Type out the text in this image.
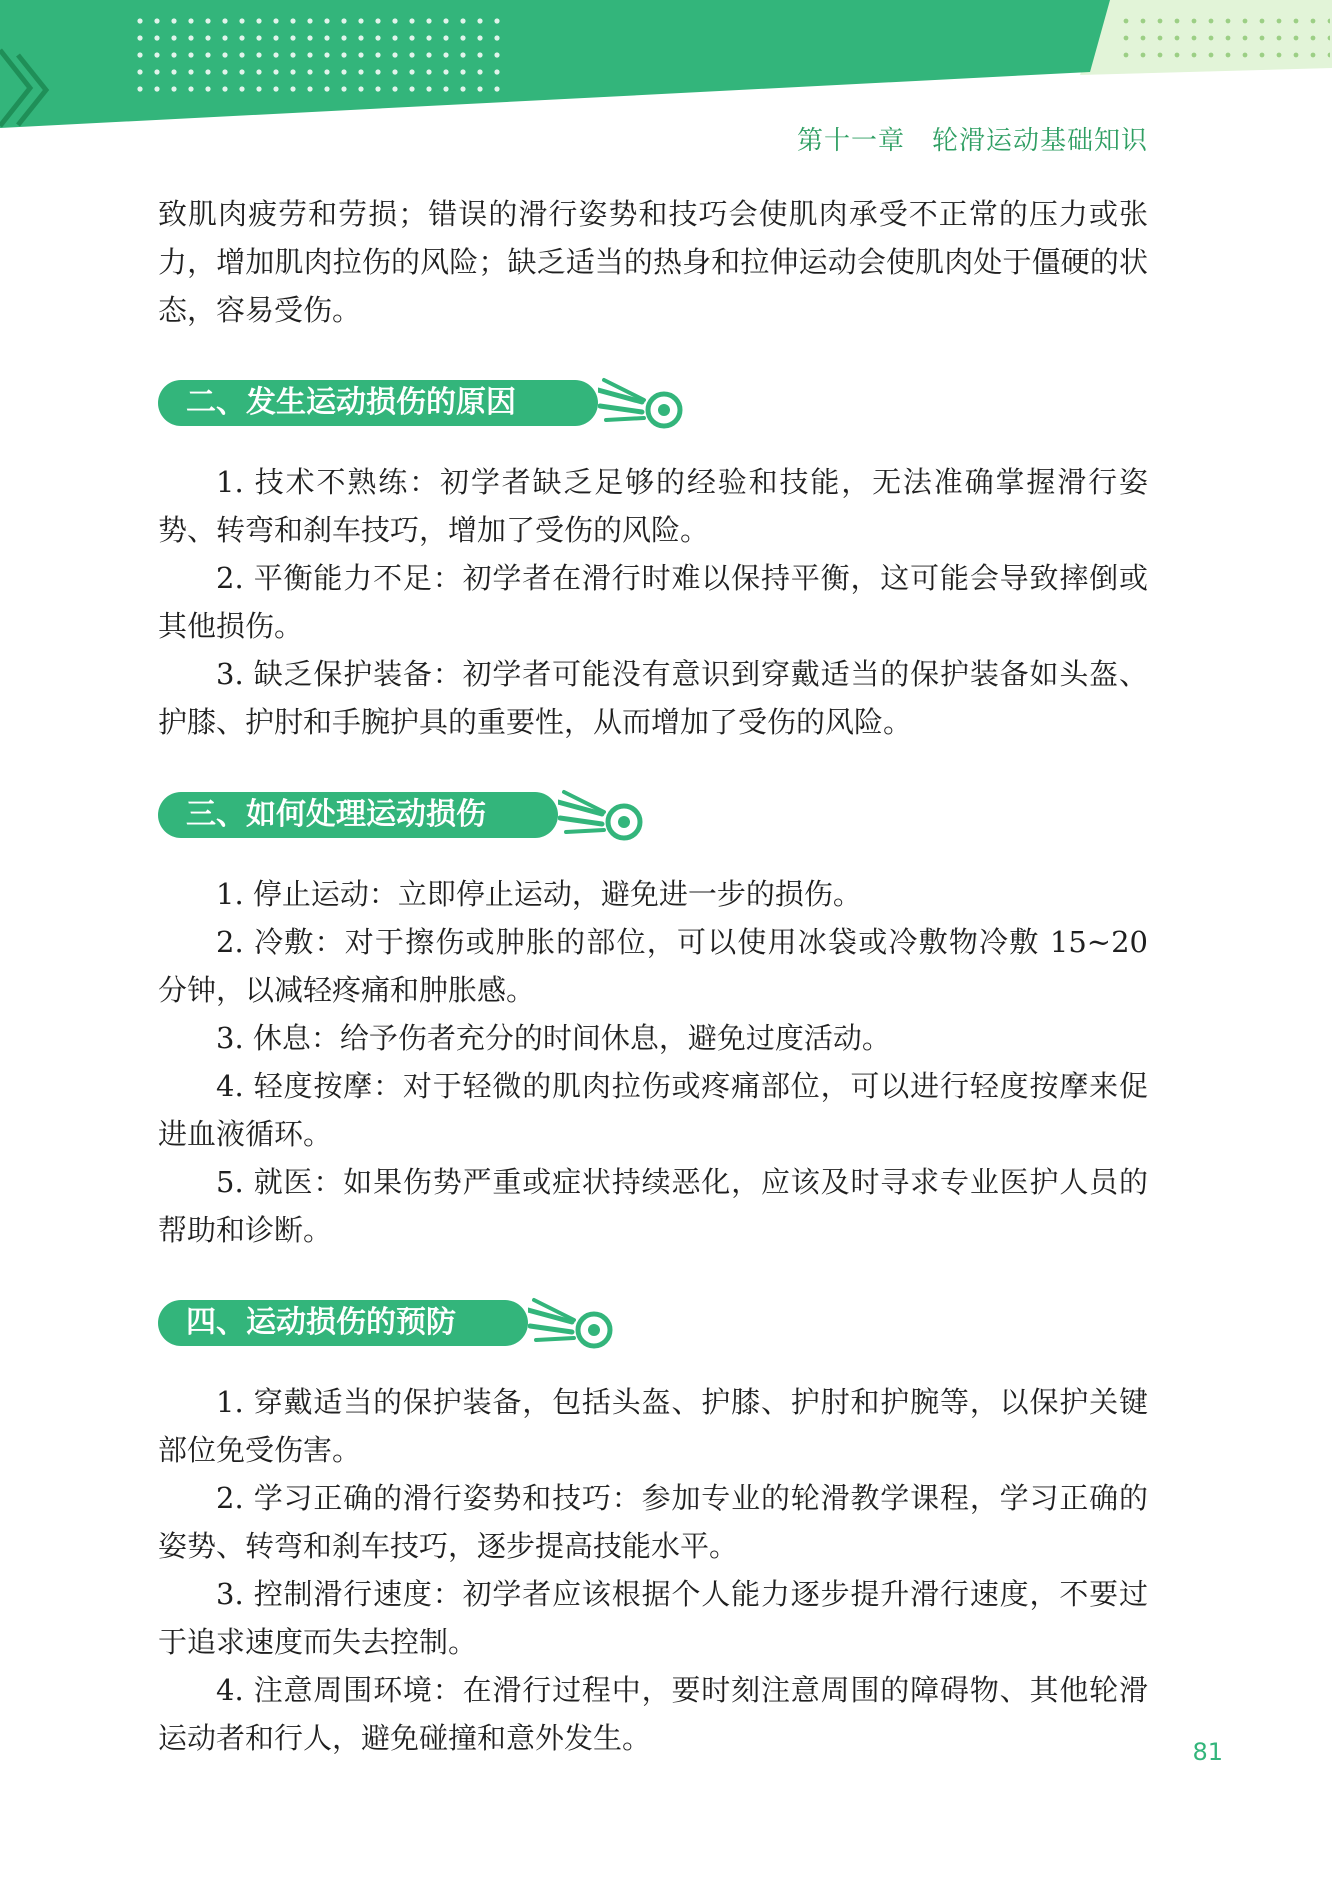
第十一章　轮滑运动基础知识

致肌肉疲劳和劳损；错误的滑行姿势和技巧会使肌肉承受不正常的压力或张力，增加肌肉拉伤的风险；缺乏适当的热身和拉伸运动会使肌肉处于僵硬的状态，容易受伤。

二、发生运动损伤的原因

1. 技术不熟练：初学者缺乏足够的经验和技能，无法准确掌握滑行姿势、转弯和刹车技巧，增加了受伤的风险。

2. 平衡能力不足：初学者在滑行时难以保持平衡，这可能会导致摔倒或其他损伤。

3. 缺乏保护装备：初学者可能没有意识到穿戴适当的保护装备如头盔、护膝、护肘和手腕护具的重要性，从而增加了受伤的风险。

三、如何处理运动损伤

1. 停止运动：立即停止运动，避免进一步的损伤。

2. 冷敷：对于擦伤或肿胀的部位，可以使用冰袋或冷敷物冷敷 15~20 分钟，以减轻疼痛和肿胀感。

3. 休息：给予伤者充分的时间休息，避免过度活动。

4. 轻度按摩：对于轻微的肌肉拉伤或疼痛部位，可以进行轻度按摩来促进血液循环。

5. 就医：如果伤势严重或症状持续恶化，应该及时寻求专业医护人员的帮助和诊断。

四、运动损伤的预防

1. 穿戴适当的保护装备，包括头盔、护膝、护肘和护腕等，以保护关键部位免受伤害。

2. 学习正确的滑行姿势和技巧：参加专业的轮滑教学课程，学习正确的姿势、转弯和刹车技巧，逐步提高技能水平。

3. 控制滑行速度：初学者应该根据个人能力逐步提升滑行速度，不要过于追求速度而失去控制。

4. 注意周围环境：在滑行过程中，要时刻注意周围的障碍物、其他轮滑运动者和行人，避免碰撞和意外发生。	81
